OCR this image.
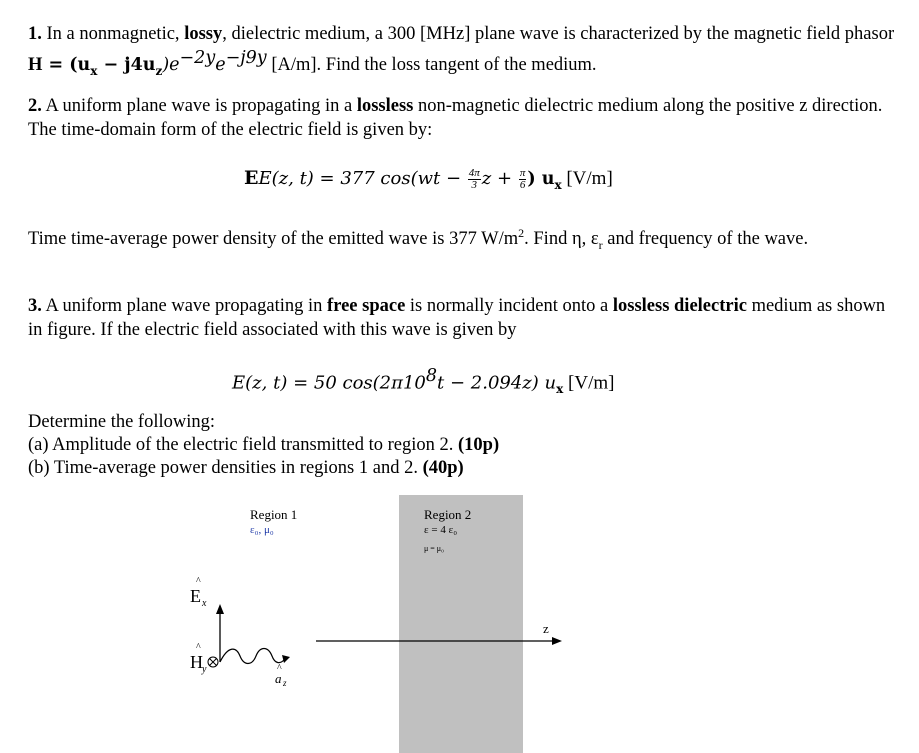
1. In a nonmagnetic, lossy, dielectric medium, a 300 [MHz] plane wave is characterized by the magnetic field phasor $H = (u_x - j4u_z)e^{-2y}e^{-j9y}$ [A/m]. Find the loss tangent of the medium.
2. A uniform plane wave is propagating in a lossless non-magnetic dielectric medium along the positive z direction. The time-domain form of the electric field is given by:
EE(z, t) = 377 $\cos(wt - \frac{4\pi}{3}$ $z + \frac{\pi}{6}$ ) $u_x$ [V/m]
Time time-average power density of the emitted wave is 377 $W/m^2$. Find η, $\varepsilon_r$ and frequency of the wave.
3. A uniform plane wave propagating in free space is normally incident onto a lossless dielectric medium as shown in figure. If the electric field associated with this wave is given by
E(z, t) = 50 $\cos(2\pi 10^8t - 2.094z)$ $u_x$ [V/m]
Determine the following:
(a) Amplitude of the electric field transmitted to region 2. (10p)
(b) Time-average power densities in regions 1 and 2. (40p)
Region 1
ε₀, μ₀
Region 2
ε = 4 ε₀
μ = μ₀
z
^
E x
^
H y	^
a z
